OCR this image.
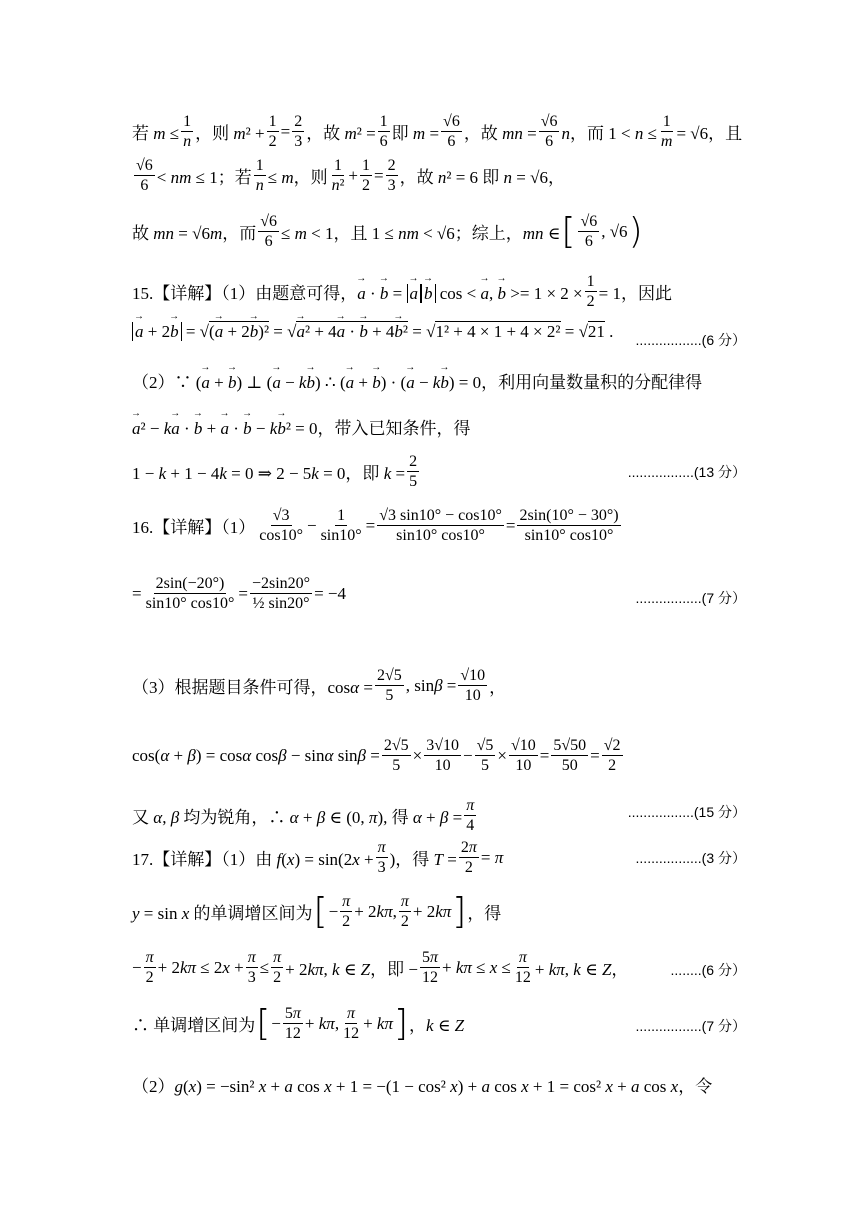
若 $m \le \frac{1}{n}$ ，则 $m^2 + \frac{1}{2} = \frac{2}{3}$ ，故 $m^2 = \frac{1}{6}$ 即 $m = \frac{√6}{6}$ ，故 mn = $\frac{√6}{6}$ n，而 $1 < n \le \frac{1}{m} = √6$，且
$\frac{√6}{6}$ < nm ≤ 1；若 $\frac{1}{n} \le m$，则 $\frac{1}{\text{n²}} + \frac{1}{2} = \frac{2}{3}$ ，故 n² = 6 即 n = √6，
故 mn = √6m，而 $\frac{√6}{6} \le m < 1$，且 1 ≤ nm < √6；综上，mn ∈ [ $\frac{√6}{6}$ , √6 )
15.【详解】（1）由题意可得，→ a · → b = → a→ b cos < → a, → $b >= 1 \times 2 \times \frac{1}{2} = 1$，因此
→ a + 2→ b = √(→ a + 2→ b)² = √→ a² + 4→ a · → b + 4→ b² = √1² + 4 × 1 + 4 × 2² = √21 . .................(6 分）
（2）∵ (→ a + → b) ⊥ (→ a − k→ b) ∴ (→ a + → b) · (→ a − k→ b) = 0，利用向量数量积的分配律得
→ a² − k→ a · → b + → a · → b − k→ b² = 0，带入已知条件，得
1 − k + 1 − 4k = 0 ⇒ 2 − 5k = 0，即 $k = \frac{2}{5}$	.................(13 分）
16.【详解】$(1) \frac{√3}{\cos 10^\circ} - \frac{1}{\sin 10^\circ} = \frac{√3 \sin 10^\circ - \cos 10^\circ}{\sin 10^\circ \cos 10^\circ} = \frac{2\sin(10^\circ - 30^\circ)}{\sin 10^\circ \cos 10^\circ}$
= $\frac{2\sin(-20^\circ)}{\sin 10^\circ \cos 10^\circ} = \frac{-2\sin 20^\circ}{\text{½ sin20°}} = -4$	.................(7 分）
（3）根据题目条件可得，$\cos\alpha = \frac{2√5}{5}$ , $\sin\beta = \frac{√10}{10}$ ，
cos(α + β) = cosα cosβ − sinα $\sin\beta = \frac{2√5}{5} \times \frac{3√10}{10} - \frac{√5}{5} \times \frac{√10}{10} = \frac{5√50}{50} = \frac{√2}{2}$
又 α, β 均为锐角，∴ α + β ∈ (0, π), 得 $\alpha + \beta = \frac{\pi}{4}$	.................(15 分）
17.【详解】（1）由 $f(x) = \sin(2x + \frac{\pi}{3}$ )，得 $T = \frac{2\pi}{2} = \pi$	.................(3 分）
y = sin x 的单调增区间为 [ − $\frac{\pi}{2} + 2k\pi$, $\frac{\pi}{2} + 2k\pi$ ] ，得
− $\frac{\pi}{2} + 2k\pi \le 2x + \frac{\pi}{3} \le \frac{\pi}{2} + 2k\pi$, k ∈ Z，即 − $\frac{5\pi}{12} + k\pi \le x \le \frac{\pi}{12} + k\pi$, k ∈ Z，	........(6 分）
∴ 单调增区间为 [ − $\frac{5\pi}{12} + k\pi$, $\frac{\pi}{12} + k\pi$ ] ，k ∈ Z	.................(7 分）
（2）g(x) = −sin² x + a cos x + 1 = −(1 − cos² x) + a cos x + 1 = cos² x + a cos x，令
